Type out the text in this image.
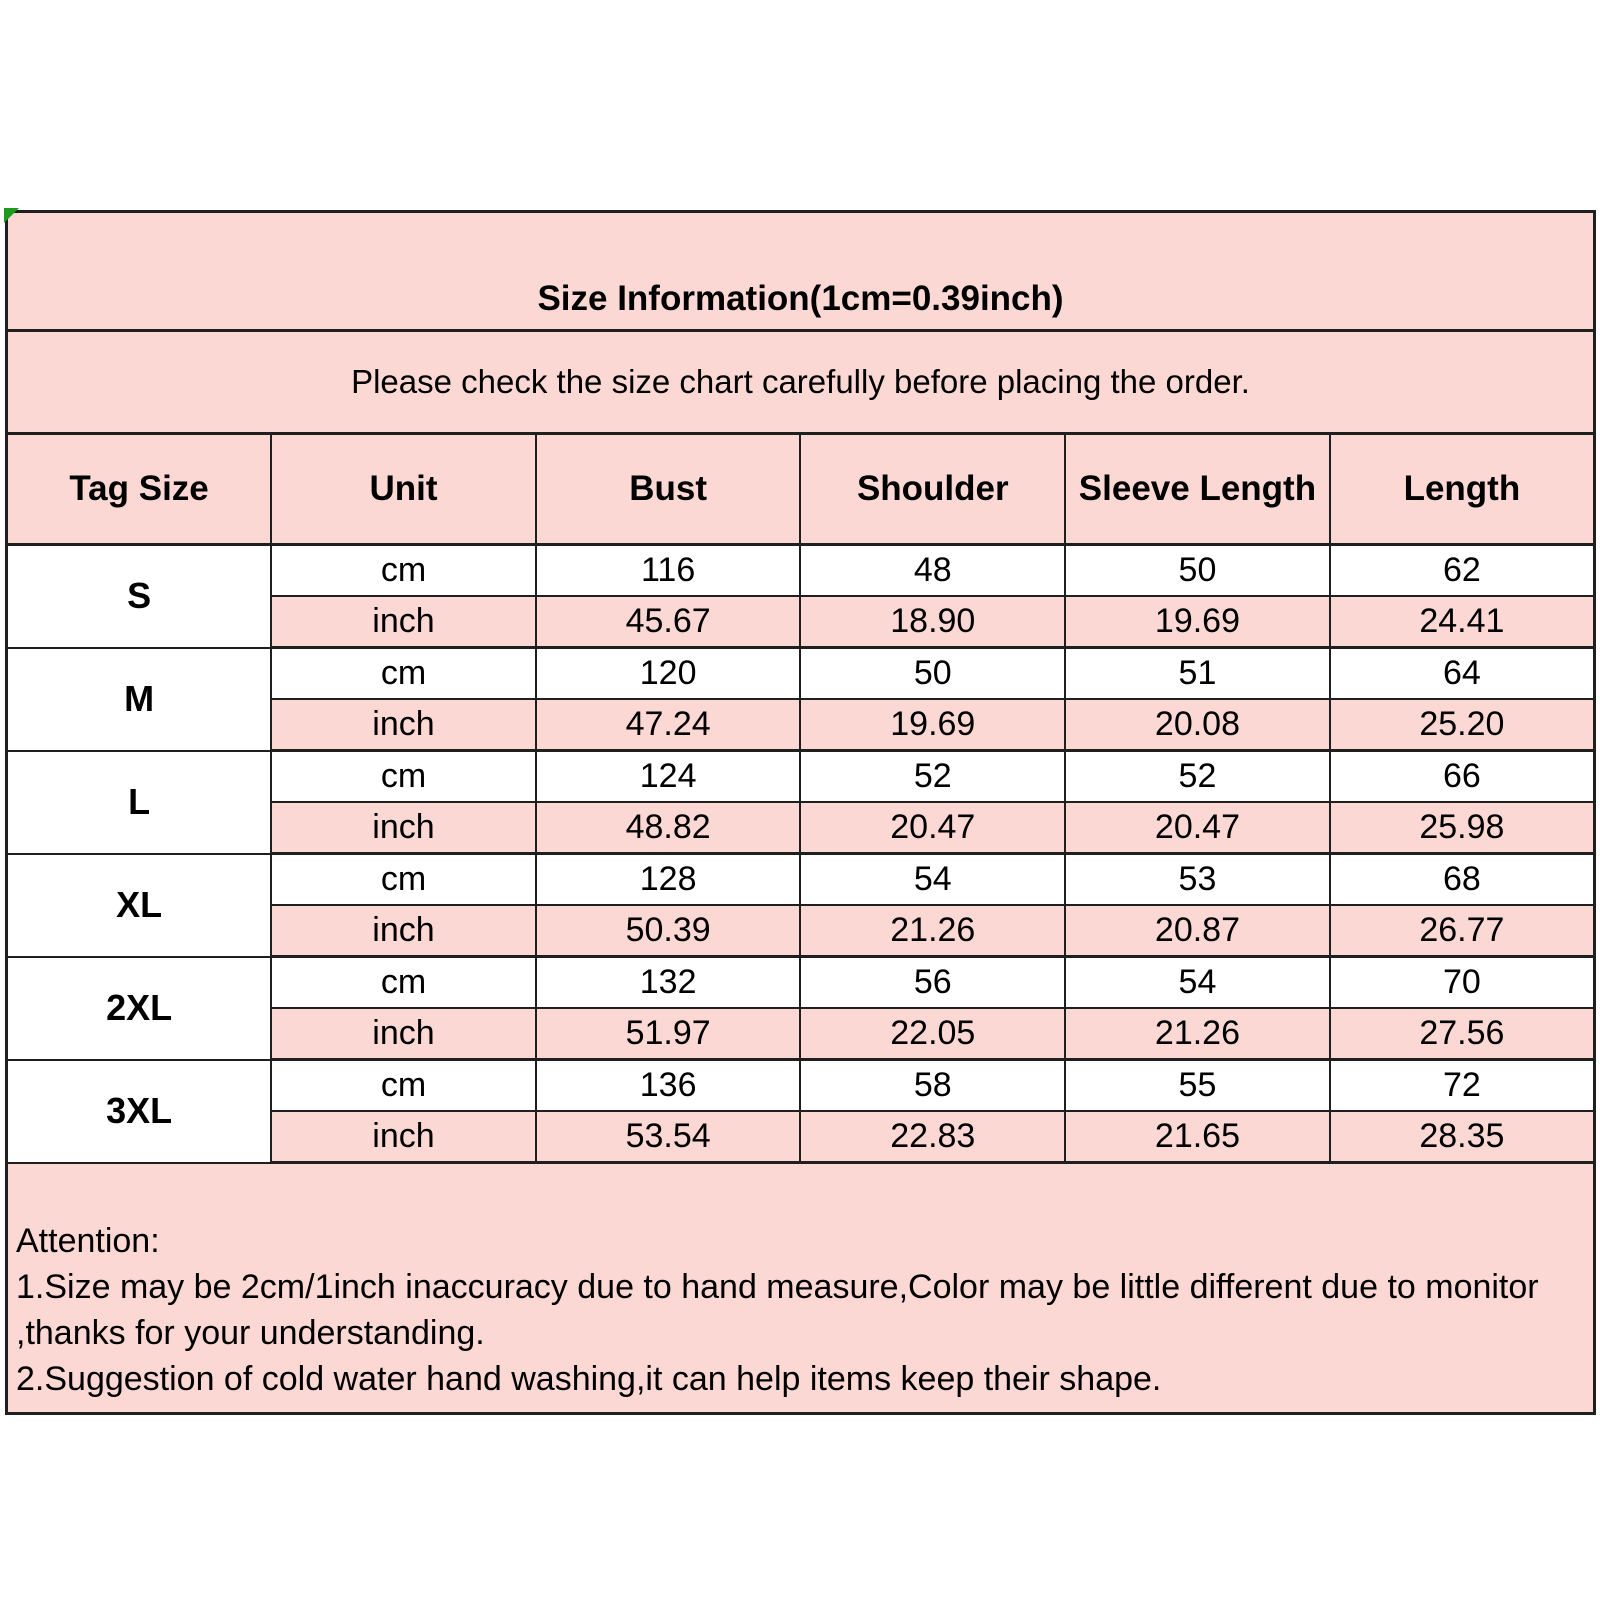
Size Information(1cm=0.39inch)					
Please check the size chart carefully before placing the order.					
Tag Size	Unit	Bust	Shoulder	Sleeve Length	Length
S	cm	116	48	50	62
	inch	45.67	18.90	19.69	24.41
M	cm	120	50	51	64
	inch	47.24	19.69	20.08	25.20
L	cm	124	52	52	66
	inch	48.82	20.47	20.47	25.98
XL	cm	128	54	53	68
	inch	50.39	21.26	20.87	26.77
2XL	cm	132	56	54	70
	inch	51.97	22.05	21.26	27.56
3XL	cm	136	58	55	72
	inch	53.54	22.83	21.65	28.35

Attention:
1.Size may be 2cm/1inch inaccuracy due to hand measure,Color may be little different due to monitor ,thanks for your understanding.
2.Suggestion of cold water hand washing,it can help items keep their shape.					
